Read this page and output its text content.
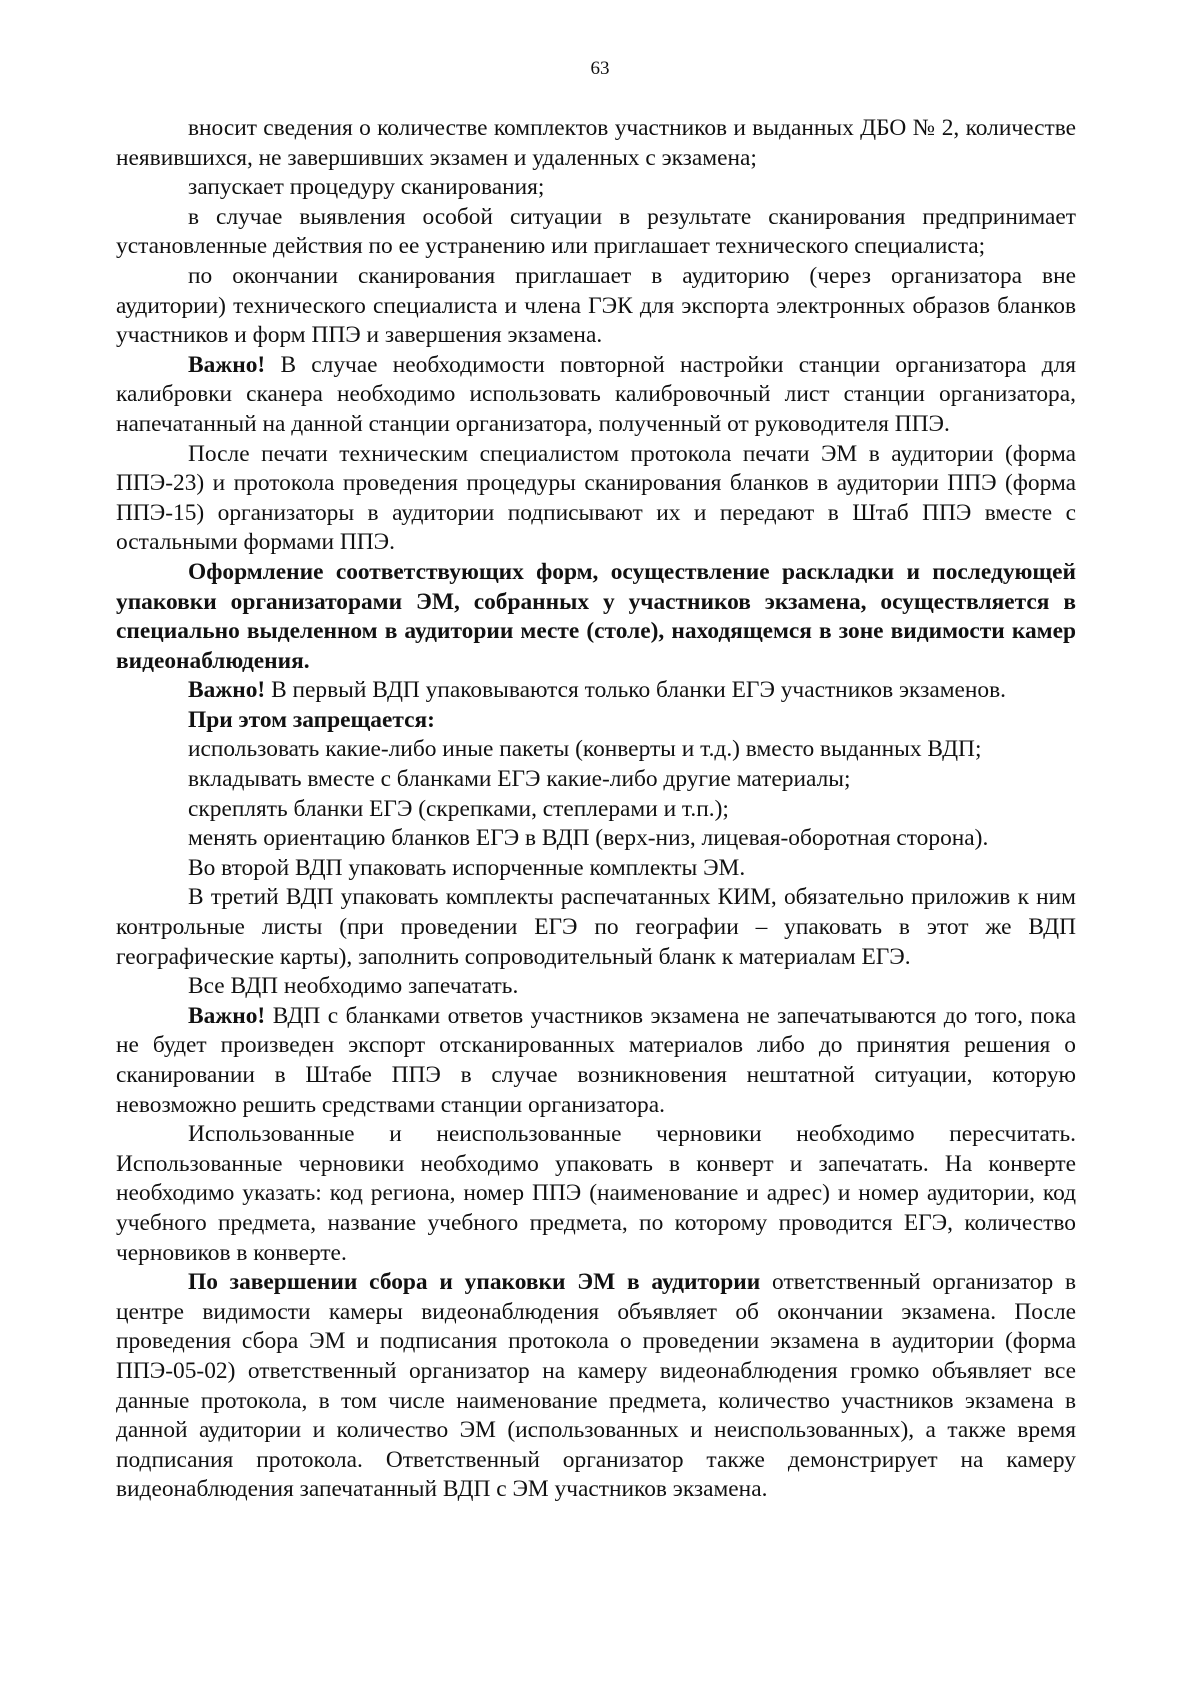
63

вносит сведения о количестве комплектов участников и выданных ДБО № 2, количестве неявившихся, не завершивших экзамен и удаленных с экзамена;

запускает процедуру сканирования;

в случае выявления особой ситуации в результате сканирования предпринимает установленные действия по ее устранению или приглашает технического специалиста;

по окончании сканирования приглашает в аудиторию (через организатора вне аудитории) технического специалиста и члена ГЭК для экспорта электронных образов бланков участников и форм ППЭ и завершения экзамена.

Важно! В случае необходимости повторной настройки станции организатора для калибровки сканера необходимо использовать калибровочный лист станции организатора, напечатанный на данной станции организатора, полученный от руководителя ППЭ.

После печати техническим специалистом протокола печати ЭМ в аудитории (форма ППЭ-23) и протокола проведения процедуры сканирования бланков в аудитории ППЭ (форма ППЭ-15) организаторы в аудитории подписывают их и передают в Штаб ППЭ вместе с остальными формами ППЭ.

Оформление соответствующих форм, осуществление раскладки и последующей упаковки организаторами ЭМ, собранных у участников экзамена, осуществляется в специально выделенном в аудитории месте (столе), находящемся в зоне видимости камер видеонаблюдения.

Важно! В первый ВДП упаковываются только бланки ЕГЭ участников экзаменов.

При этом запрещается:

использовать какие-либо иные пакеты (конверты и т.д.) вместо выданных ВДП;

вкладывать вместе с бланками ЕГЭ какие-либо другие материалы;

скреплять бланки ЕГЭ (скрепками, степлерами и т.п.);

менять ориентацию бланков ЕГЭ в ВДП (верх-низ, лицевая-оборотная сторона).

Во второй ВДП упаковать испорченные комплекты ЭМ.

В третий ВДП упаковать комплекты распечатанных КИМ, обязательно приложив к ним контрольные листы (при проведении ЕГЭ по географии – упаковать в этот же ВДП географические карты), заполнить сопроводительный бланк к материалам ЕГЭ.

Все ВДП необходимо запечатать.

Важно! ВДП с бланками ответов участников экзамена не запечатываются до того, пока не будет произведен экспорт отсканированных материалов либо до принятия решения о сканировании в Штабе ППЭ в случае возникновения нештатной ситуации, которую невозможно решить средствами станции организатора.

Использованные и неиспользованные черновики необходимо пересчитать. Использованные черновики необходимо упаковать в конверт и запечатать. На конверте необходимо указать: код региона, номер ППЭ (наименование и адрес) и номер аудитории, код учебного предмета, название учебного предмета, по которому проводится ЕГЭ, количество черновиков в конверте.

По завершении сбора и упаковки ЭМ в аудитории ответственный организатор в центре видимости камеры видеонаблюдения объявляет об окончании экзамена. После проведения сбора ЭМ и подписания протокола о проведении экзамена в аудитории (форма ППЭ-05-02) ответственный организатор на камеру видеонаблюдения громко объявляет все данные протокола, в том числе наименование предмета, количество участников экзамена в данной аудитории и количество ЭМ (использованных и неиспользованных), а также время подписания протокола. Ответственный организатор также демонстрирует на камеру видеонаблюдения запечатанный ВДП с ЭМ участников экзамена.
